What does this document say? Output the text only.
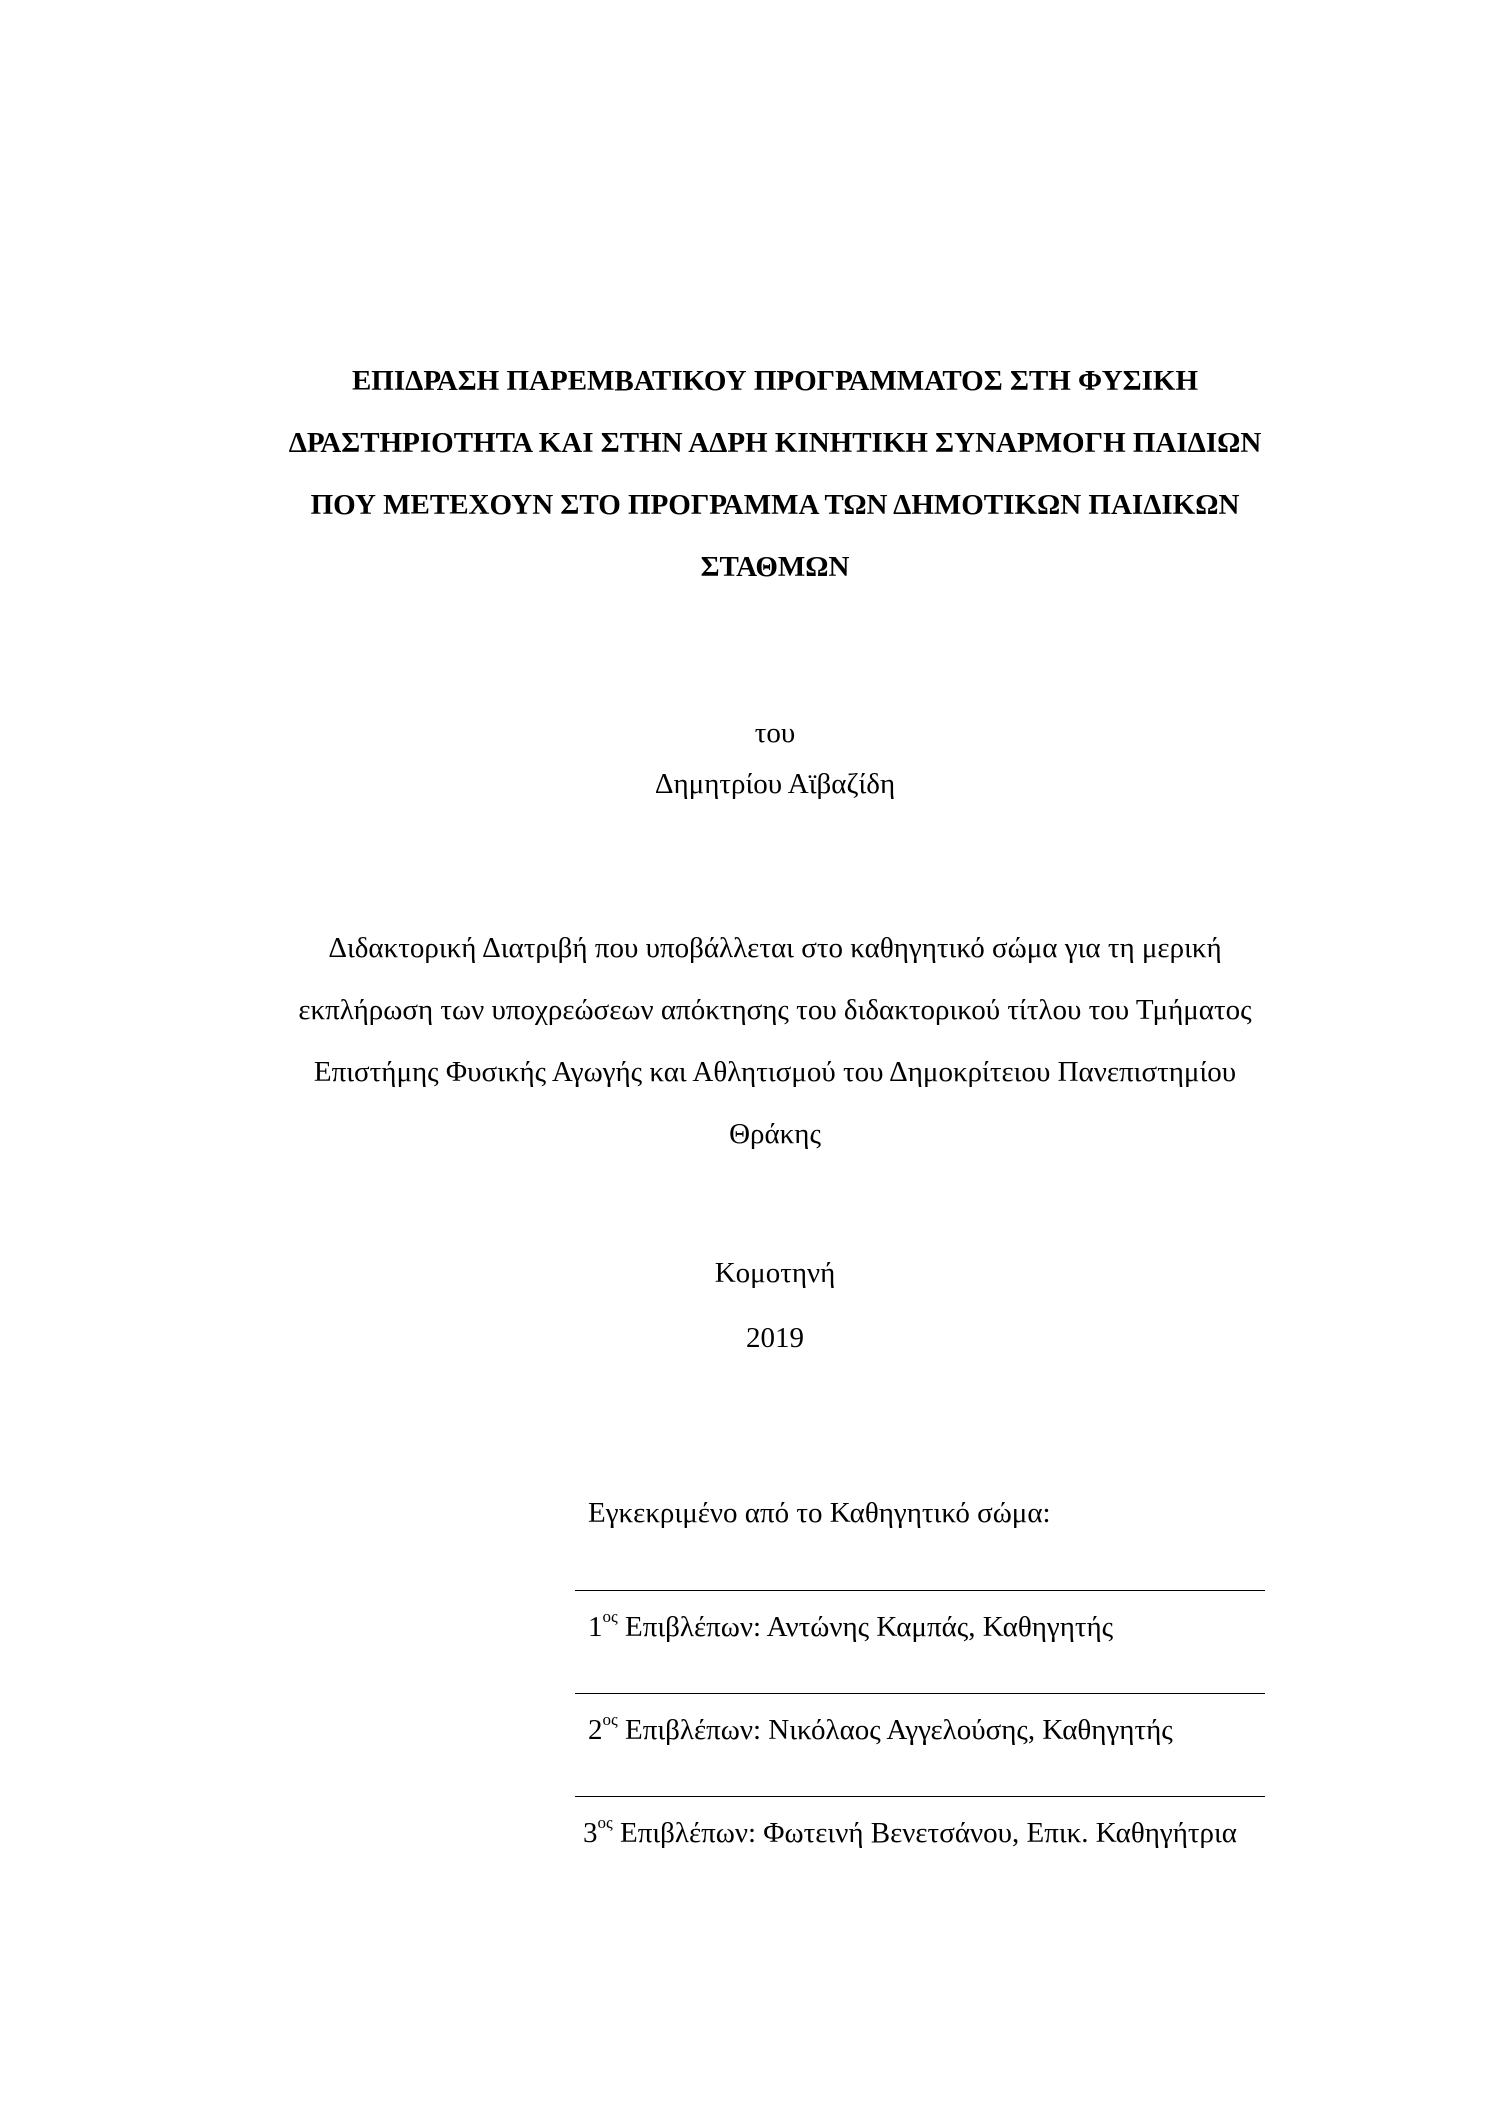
ΕΠΙΔΡΑΣΗ ΠΑΡΕΜΒΑΤΙΚΟΥ ΠΡΟΓΡΑΜΜΑΤΟΣ ΣΤΗ ΦΥΣΙΚΗ
ΔΡΑΣΤΗΡΙΟΤΗΤΑ ΚΑΙ ΣΤΗΝ ΑΔΡΗ ΚΙΝΗΤΙΚΗ ΣΥΝΑΡΜΟΓΗ ΠΑΙΔΙΩΝ
ΠΟΥ ΜΕΤΕΧΟΥΝ ΣΤΟ ΠΡΟΓΡΑΜΜΑ ΤΩΝ ΔΗΜΟΤΙΚΩΝ ΠΑΙΔΙΚΩΝ
ΣΤΑΘΜΩΝ
του
Δημητρίου Αϊβαζίδη
Διδακτορική Διατριβή που υποβάλλεται στο καθηγητικό σώμα για τη μερική
εκπλήρωση των υποχρεώσεων απόκτησης του διδακτορικού τίτλου του Τμήματος
Επιστήμης Φυσικής Αγωγής και Αθλητισμού του Δημοκρίτειου Πανεπιστημίου
Θράκης
Κομοτηνή
2019
Εγκεκριμένο από το Καθηγητικό σώμα:
$1^{o\varsigma}$ Επιβλέπων: Αντώνης Καμπάς, Καθηγητής
$2^{o\varsigma}$ Επιβλέπων: Νικόλαος Αγγελούσης, Καθηγητής
$3^{o\varsigma}$ Επιβλέπων: Φωτεινή Βενετσάνου, Επικ. Καθηγήτρια
